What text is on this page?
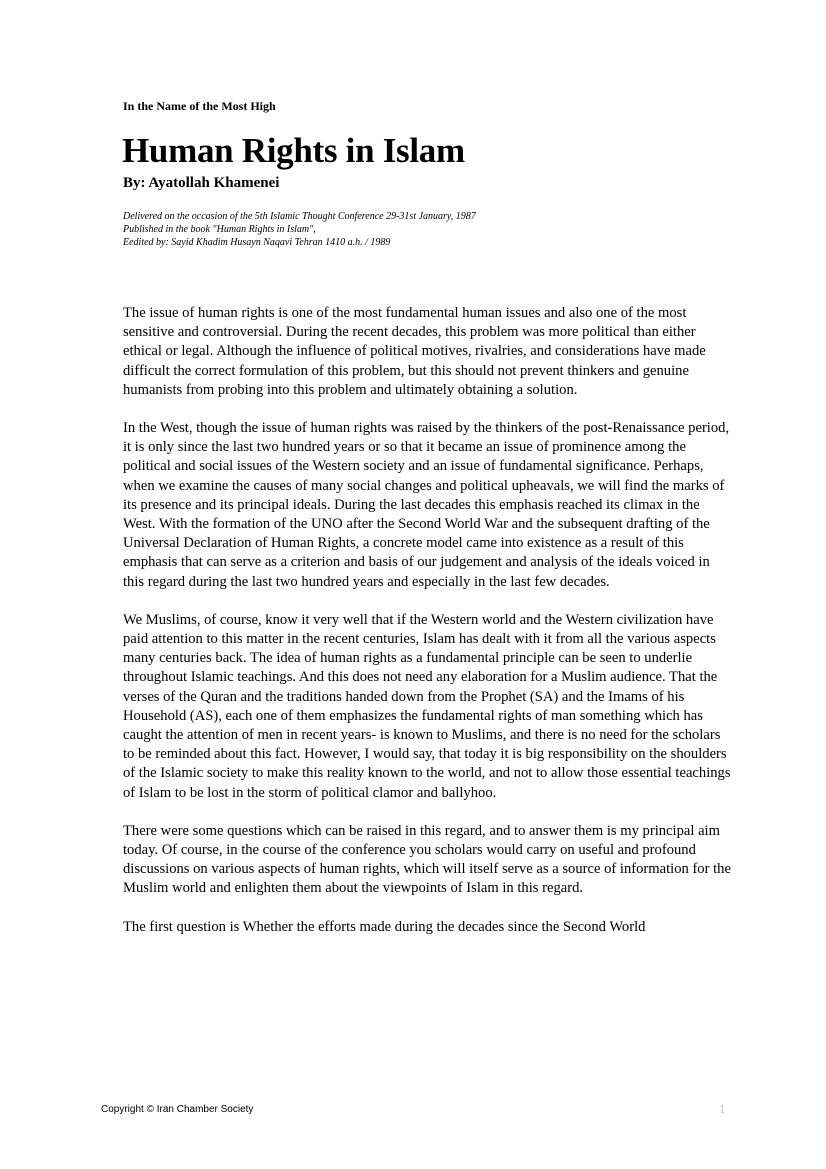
In the Name of the Most High
Human Rights in Islam
By: Ayatollah Khamenei
Delivered on the occasion of the 5th Islamic Thought Conference 29-31st January, 1987
Published in the book "Human Rights in Islam",
Eedited by: Sayid Khadim Husayn Naqavi Tehran 1410 a.h. / 1989

The issue of human rights is one of the most fundamental human issues and also one of the most sensitive and controversial. During the recent decades, this problem was more political than either ethical or legal. Although the influence of political motives, rivalries, and considerations have made difficult the correct formulation of this problem, but this should not prevent thinkers and genuine humanists from probing into this problem and ultimately obtaining a solution.

In the West, though the issue of human rights was raised by the thinkers of the post-Renaissance period, it is only since the last two hundred years or so that it became an issue of prominence among the political and social issues of the Western society and an issue of fundamental significance. Perhaps, when we examine the causes of many social changes and political upheavals, we will find the marks of its presence and its principal ideals. During the last decades this emphasis reached its climax in the West. With the formation of the UNO after the Second World War and the subsequent drafting of the Universal Declaration of Human Rights, a concrete model came into existence as a result of this emphasis that can serve as a criterion and basis of our judgement and analysis of the ideals voiced in this regard during the last two hundred years and especially in the last few decades.

We Muslims, of course, know it very well that if the Western world and the Western civilization have paid attention to this matter in the recent centuries, Islam has dealt with it from all the various aspects many centuries back. The idea of human rights as a fundamental principle can be seen to underlie throughout Islamic teachings. And this does not need any elaboration for a Muslim audience. That the verses of the Quran and the traditions handed down from the Prophet (SA) and the Imams of his Household (AS), each one of them emphasizes the fundamental rights of man something which has caught the attention of men in recent years- is known to Muslims, and there is no need for the scholars to be reminded about this fact. However, I would say, that today it is big responsibility on the shoulders of the Islamic society to make this reality known to the world, and not to allow those essential teachings of Islam to be lost in the storm of political clamor and ballyhoo.

There were some questions which can be raised in this regard, and to answer them is my principal aim today. Of course, in the course of the conference you scholars would carry on useful and profound discussions on various aspects of human rights, which will itself serve as a source of information for the Muslim world and enlighten them about the viewpoints of Islam in this regard.

The first question is Whether the efforts made during the decades since the Second World

Copyright © Iran Chamber Society	1
